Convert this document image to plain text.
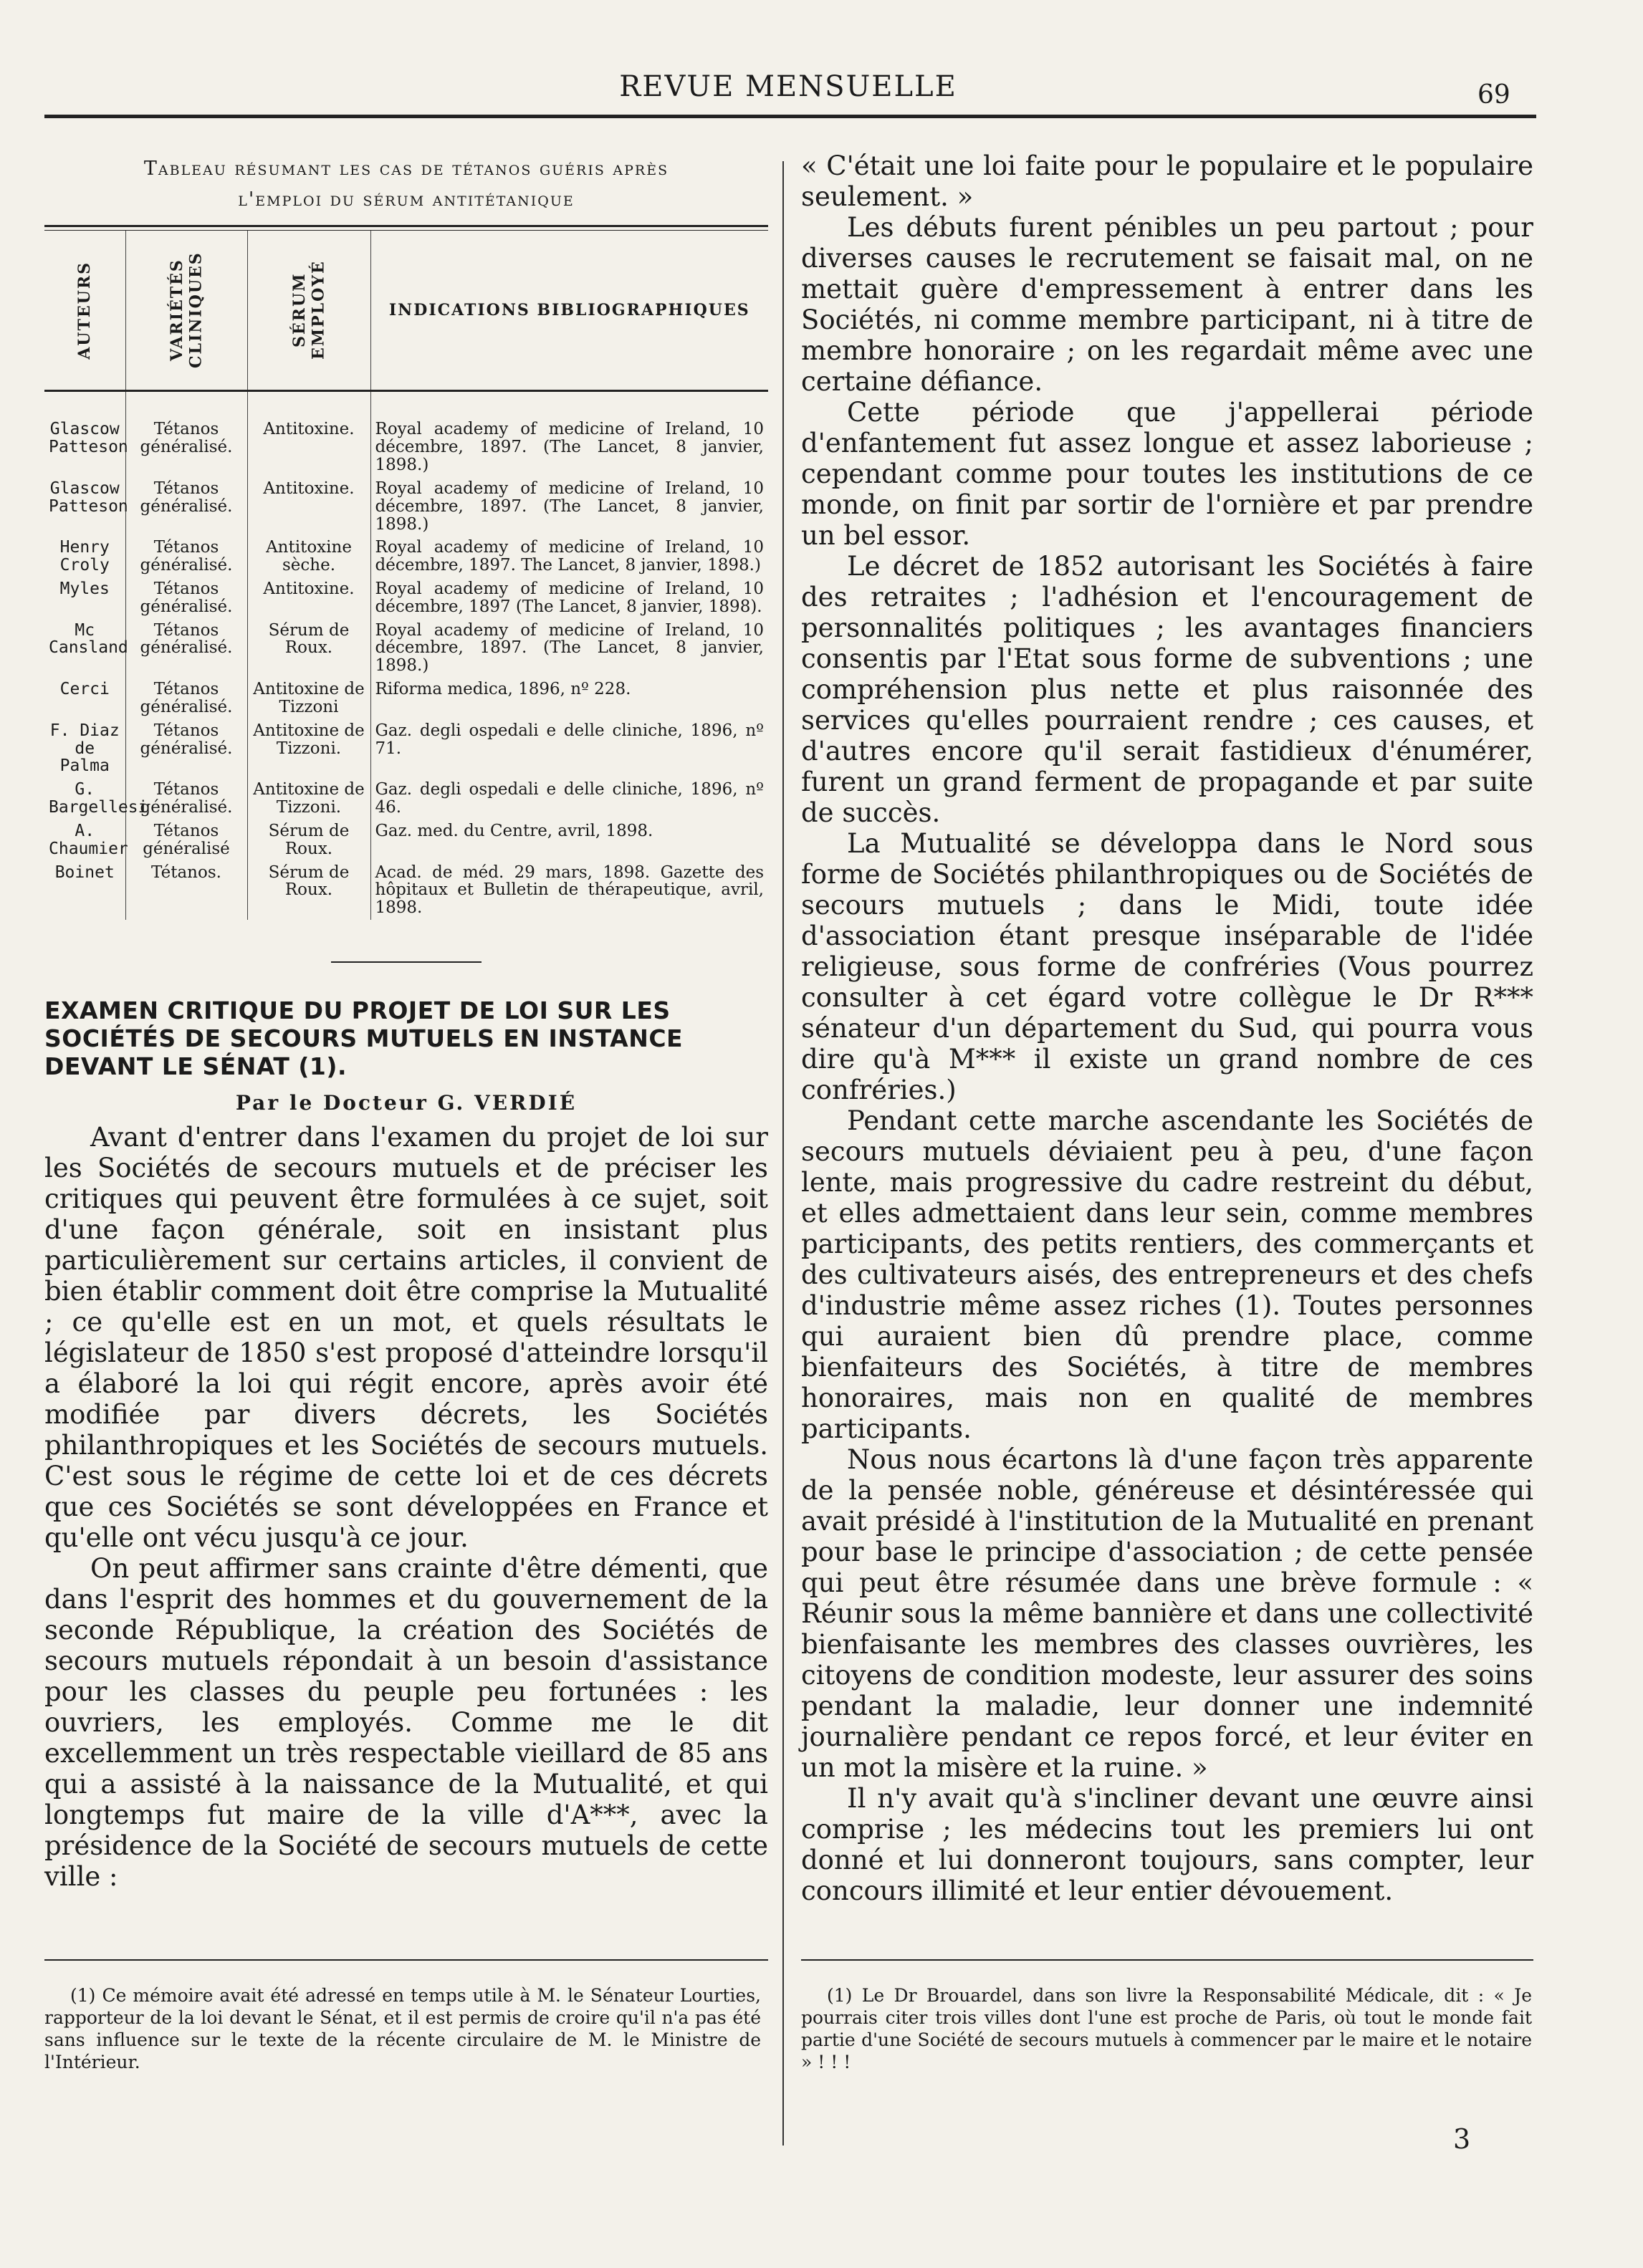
REVUE MENSUELLE	69
Tableau résumant les cas de tétanos guéris après
l'emploi du sérum antitétanique
AUTEURS	VARIÉTÉS CLINIQUES	SÉRUM EMPLOYÉ	INDICATIONS BIBLIOGRAPHIQUES

Glascow Patteson	Tétanos généralisé.	Antitoxine.	Royal academy of medicine of Ireland, 10 décembre, 1897. (The Lancet, 8 janvier, 1898.)
Glascow Patteson	Tétanos généralisé.	Antitoxine.	Royal academy of medicine of Ireland, 10 décembre, 1897. (The Lancet, 8 janvier, 1898.)
Henry Croly	Tétanos généralisé.	Antitoxine sèche.	Royal academy of medicine of Ireland, 10 décembre, 1897. The Lancet, 8 janvier, 1898.)
Myles	Tétanos généralisé.	Antitoxine.	Royal academy of medicine of Ireland, 10 décembre, 1897 (The Lancet, 8 janvier, 1898).
Mc Cansland	Tétanos généralisé.	Sérum de Roux.	Royal academy of medicine of Ireland, 10 décembre, 1897. (The Lancet, 8 janvier, 1898.)
Cerci	Tétanos généralisé.	Antitoxine de Tizzoni	Riforma medica, 1896, nº 228.
F. Diaz de Palma	Tétanos généralisé.	Antitoxine de Tizzoni.	Gaz. degli ospedali e delle cliniche, 1896, nº 71.
G. Bargellesi	Tétanos généralisé.	Antitoxine de Tizzoni.	Gaz. degli ospedali e delle cliniche, 1896, nº 46.
A. Chaumier	Tétanos généralisé	Sérum de Roux.	Gaz. med. du Centre, avril, 1898.
Boinet	Tétanos.	Sérum de Roux.	Acad. de méd. 29 mars, 1898. Gazette des hôpitaux et Bulletin de thérapeutique, avril, 1898.
EXAMEN CRITIQUE DU PROJET DE LOI SUR LES SOCIÉTÉS DE SECOURS MUTUELS EN INSTANCE DEVANT LE SÉNAT (1).
Par le Docteur G. VERDIÉ

Avant d'entrer dans l'examen du projet de loi sur les Sociétés de secours mutuels et de préciser les critiques qui peuvent être formulées à ce sujet, soit d'une façon générale, soit en insistant plus particulièrement sur certains articles, il convient de bien établir comment doit être comprise la Mutualité ; ce qu'elle est en un mot, et quels résultats le législateur de 1850 s'est proposé d'atteindre lorsqu'il a élaboré la loi qui régit encore, après avoir été modifiée par divers décrets, les Sociétés philanthropiques et les Sociétés de secours mutuels. C'est sous le régime de cette loi et de ces décrets que ces Sociétés se sont développées en France et qu'elle ont vécu jusqu'à ce jour.

On peut affirmer sans crainte d'être démenti, que dans l'esprit des hommes et du gouvernement de la seconde République, la création des Sociétés de secours mutuels répondait à un besoin d'assistance pour les classes du peuple peu fortunées : les ouvriers, les employés. Comme me le dit excellemment un très respectable vieillard de 85 ans qui a assisté à la naissance de la Mutualité, et qui longtemps fut maire de la ville d'A***, avec la présidence de la Société de secours mutuels de cette ville :

« C'était une loi faite pour le populaire et le populaire seulement. »

Les débuts furent pénibles un peu partout ; pour diverses causes le recrutement se faisait mal, on ne mettait guère d'empressement à entrer dans les Sociétés, ni comme membre participant, ni à titre de membre honoraire ; on les regardait même avec une certaine défiance.

Cette période que j'appellerai période d'enfantement fut assez longue et assez laborieuse ; cependant comme pour toutes les institutions de ce monde, on finit par sortir de l'ornière et par prendre un bel essor.

Le décret de 1852 autorisant les Sociétés à faire des retraites ; l'adhésion et l'encouragement de personnalités politiques ; les avantages financiers consentis par l'Etat sous forme de subventions ; une compréhension plus nette et plus raisonnée des services qu'elles pourraient rendre ; ces causes, et d'autres encore qu'il serait fastidieux d'énumérer, furent un grand ferment de propagande et par suite de succès.

La Mutualité se développa dans le Nord sous forme de Sociétés philanthropiques ou de Sociétés de secours mutuels ; dans le Midi, toute idée d'association étant presque inséparable de l'idée religieuse, sous forme de confréries (Vous pourrez consulter à cet égard votre collègue le Dr R*** sénateur d'un département du Sud, qui pourra vous dire qu'à M*** il existe un grand nombre de ces confréries.)

Pendant cette marche ascendante les Sociétés de secours mutuels déviaient peu à peu, d'une façon lente, mais progressive du cadre restreint du début, et elles admettaient dans leur sein, comme membres participants, des petits rentiers, des commerçants et des cultivateurs aisés, des entrepreneurs et des chefs d'industrie même assez riches (1). Toutes personnes qui auraient bien dû prendre place, comme bienfaiteurs des Sociétés, à titre de membres honoraires, mais non en qualité de membres participants.

Nous nous écartons là d'une façon très apparente de la pensée noble, généreuse et désintéressée qui avait présidé à l'institution de la Mutualité en prenant pour base le principe d'association ; de cette pensée qui peut être résumée dans une brève formule : « Réunir sous la même bannière et dans une collectivité bienfaisante les membres des classes ouvrières, les citoyens de condition modeste, leur assurer des soins pendant la maladie, leur donner une indemnité journalière pendant ce repos forcé, et leur éviter en un mot la misère et la ruine. »

Il n'y avait qu'à s'incliner devant une œuvre ainsi comprise ; les médecins tout les premiers lui ont donné et lui donneront toujours, sans compter, leur concours illimité et leur entier dévouement.

(1) Ce mémoire avait été adressé en temps utile à M. le Sénateur Lourties, rapporteur de la loi devant le Sénat, et il est permis de croire qu'il n'a pas été sans influence sur le texte de la récente circulaire de M. le Ministre de l'Intérieur.

(1) Le Dr Brouardel, dans son livre la Responsabilité Médicale, dit : « Je pourrais citer trois villes dont l'une est proche de Paris, où tout le monde fait partie d'une Société de secours mutuels à commencer par le maire et le notaire » ! ! !

3
